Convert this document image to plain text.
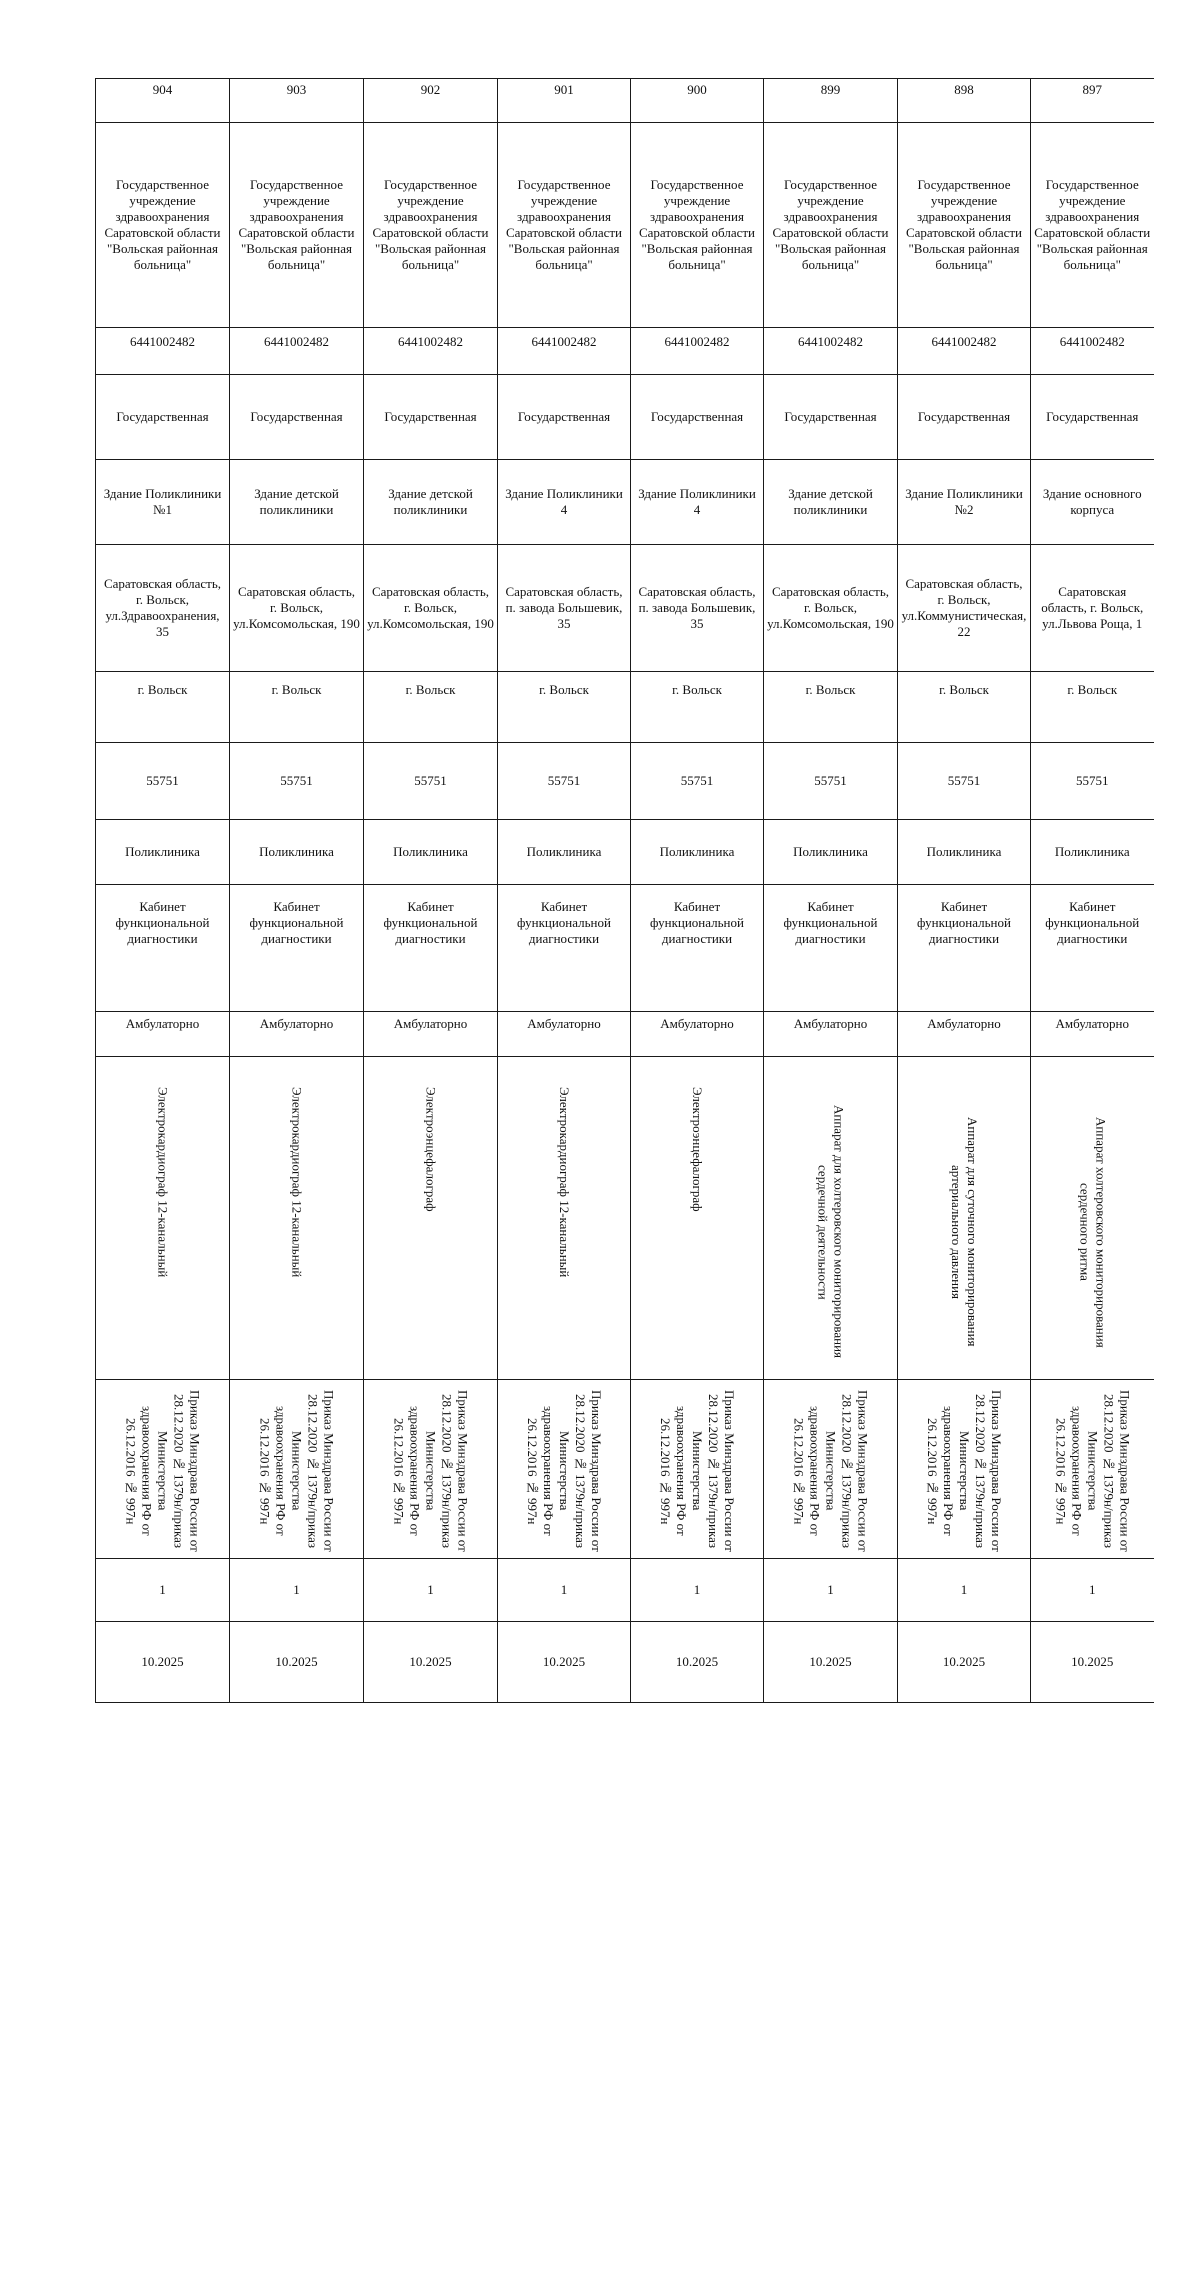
904	903	902	901	900	899	898	897

Государственное учреждение здравоохранения Саратовской области "Вольская районная больница"	Государственное учреждение здравоохранения Саратовской области "Вольская районная больница"	Государственное учреждение здравоохранения Саратовской области "Вольская районная больница"	Государственное учреждение здравоохранения Саратовской области "Вольская районная больница"	Государственное учреждение здравоохранения Саратовской области "Вольская районная больница"	Государственное учреждение здравоохранения Саратовской области "Вольская районная больница"	Государственное учреждение здравоохранения Саратовской области "Вольская районная больница"	Государственное учреждение здравоохранения Саратовской области "Вольская районная больница"

6441002482	6441002482	6441002482	6441002482	6441002482	6441002482	6441002482	6441002482

Государственная	Государственная	Государственная	Государственная	Государственная	Государственная	Государственная	Государственная

Здание Поликлиники №1	Здание детской поликлиники	Здание детской поликлиники	Здание Поликлиники 4	Здание Поликлиники 4	Здание детской поликлиники	Здание Поликлиники №2	Здание основного корпуса

Саратовская область, г. Вольск, ул.Здравоохранения, 35	Саратовская область, г. Вольск, ул.Комсомольская, 190	Саратовская область, г. Вольск, ул.Комсомольская, 190	Саратовская область, п. завода Большевик, 35	Саратовская область, п. завода Большевик, 35	Саратовская область, г. Вольск, ул.Комсомольская, 190	Саратовская область, г. Вольск, ул.Коммунистическая, 22	Саратовская область, г. Вольск, ул.Львова Роща, 1

г. Вольск	г. Вольск	г. Вольск	г. Вольск	г. Вольск	г. Вольск	г. Вольск	г. Вольск

55751	55751	55751	55751	55751	55751	55751	55751

Поликлиника	Поликлиника	Поликлиника	Поликлиника	Поликлиника	Поликлиника	Поликлиника	Поликлиника

Кабинет функциональной диагностики	Кабинет функциональной диагностики	Кабинет функциональной диагностики	Кабинет функциональной диагностики	Кабинет функциональной диагностики	Кабинет функциональной диагностики	Кабинет функциональной диагностики	Кабинет функциональной диагностики

Амбулаторно	Амбулаторно	Амбулаторно	Амбулаторно	Амбулаторно	Амбулаторно	Амбулаторно	Амбулаторно

Электрокардиограф 12-канальный	Электрокардиограф 12-канальный	Электроэнцефалограф	Электрокардиограф 12-канальный	Электроэнцефалограф	Аппарат для холтеровского мониторирования сердечной деятельности	Аппарат для суточного мониторирования артериального давления	Аппарат холтеровского мониторирования сердечного ритма

Приказ Минздрава России от 28.12.2020 № 1379н/приказ Министерства здравоохранения РФ от 26.12.2016 № 997н	Приказ Минздрава России от 28.12.2020 № 1379н/приказ Министерства здравоохранения РФ от 26.12.2016 № 997н	Приказ Минздрава России от 28.12.2020 № 1379н/приказ Министерства здравоохранения РФ от 26.12.2016 № 997н	Приказ Минздрава России от 28.12.2020 № 1379н/приказ Министерства здравоохранения РФ от 26.12.2016 № 997н	Приказ Минздрава России от 28.12.2020 № 1379н/приказ Министерства здравоохранения РФ от 26.12.2016 № 997н	Приказ Минздрава России от 28.12.2020 № 1379н/приказ Министерства здравоохранения РФ от 26.12.2016 № 997н	Приказ Минздрава России от 28.12.2020 № 1379н/приказ Министерства здравоохранения РФ от 26.12.2016 № 997н	Приказ Минздрава России от 28.12.2020 № 1379н/приказ Министерства здравоохранения РФ от 26.12.2016 № 997н

1	1	1	1	1	1	1	1

10.2025	10.2025	10.2025	10.2025	10.2025	10.2025	10.2025	10.2025
